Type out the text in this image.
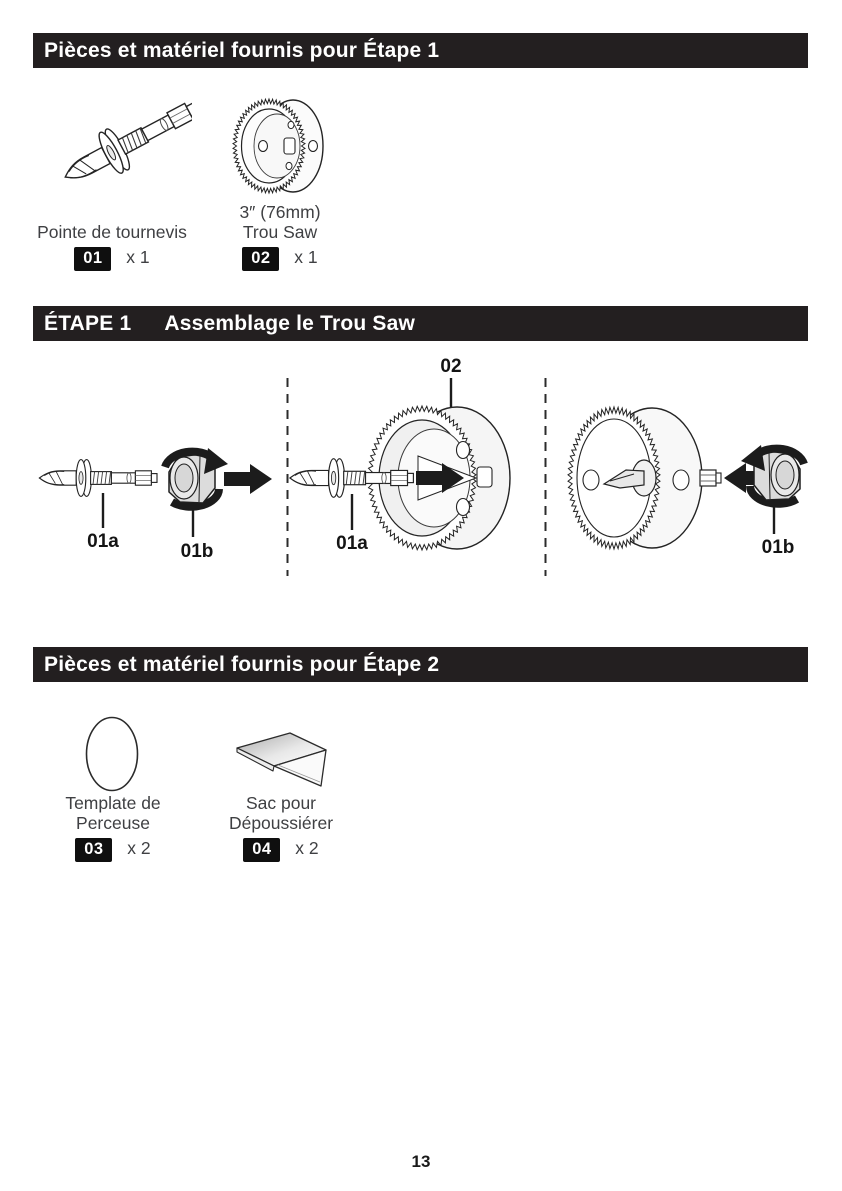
Pièces et matériel fournis pour Étape 1
Pointe de tournevis
01 x 1
3″ (76mm)
Trou Saw
02 x 1
ÉTAPE 1 Assemblage le Trou Saw
01a	01b
02
01a	01b
Pièces et matériel fournis pour Étape 2
Template de
Perceuse
03 x 2
Sac pour
Dépoussiérer
04 x 2
13
